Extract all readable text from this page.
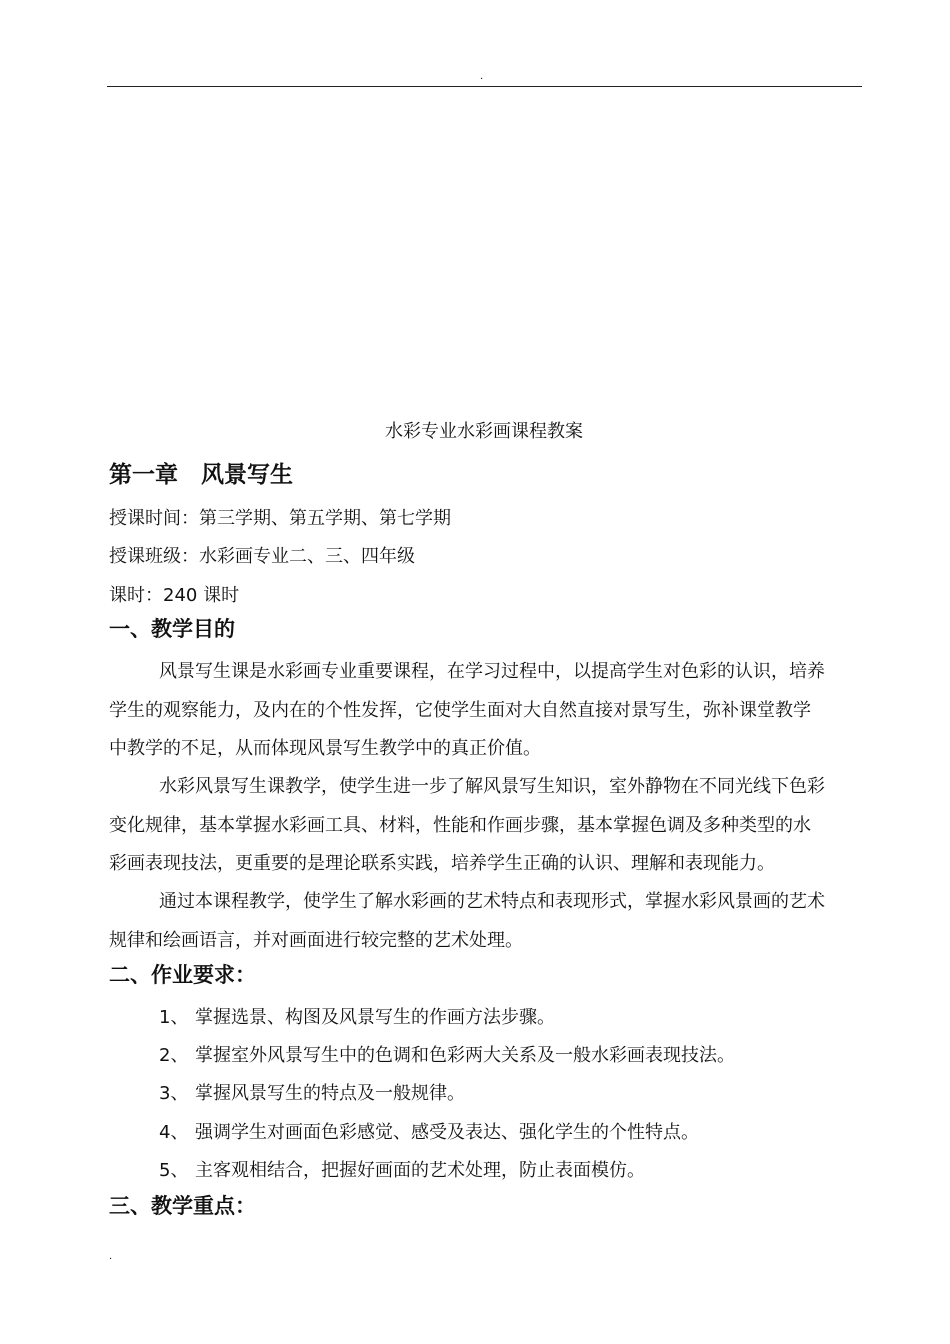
.
水彩专业水彩画课程教案
第一章　风景写生
授课时间：第三学期、第五学期、第七学期
授课班级：水彩画专业二、三、四年级
课时：240 课时
一、教学目的
风景写生课是水彩画专业重要课程，在学习过程中，以提高学生对色彩的认识，培养
学生的观察能力，及内在的个性发挥，它使学生面对大自然直接对景写生，弥补课堂教学
中教学的不足，从而体现风景写生教学中的真正价值。
水彩风景写生课教学，使学生进一步了解风景写生知识，室外静物在不同光线下色彩
变化规律，基本掌握水彩画工具、材料，性能和作画步骤，基本掌握色调及多种类型的水
彩画表现技法，更重要的是理论联系实践，培养学生正确的认识、理解和表现能力。
通过本课程教学，使学生了解水彩画的艺术特点和表现形式，掌握水彩风景画的艺术
规律和绘画语言，并对画面进行较完整的艺术处理。
二、作业要求：
1、 掌握选景、构图及风景写生的作画方法步骤。
2、 掌握室外风景写生中的色调和色彩两大关系及一般水彩画表现技法。
3、 掌握风景写生的特点及一般规律。
4、 强调学生对画面色彩感觉、感受及表达、强化学生的个性特点。
5、 主客观相结合，把握好画面的艺术处理，防止表面模仿。
三、教学重点：
.
